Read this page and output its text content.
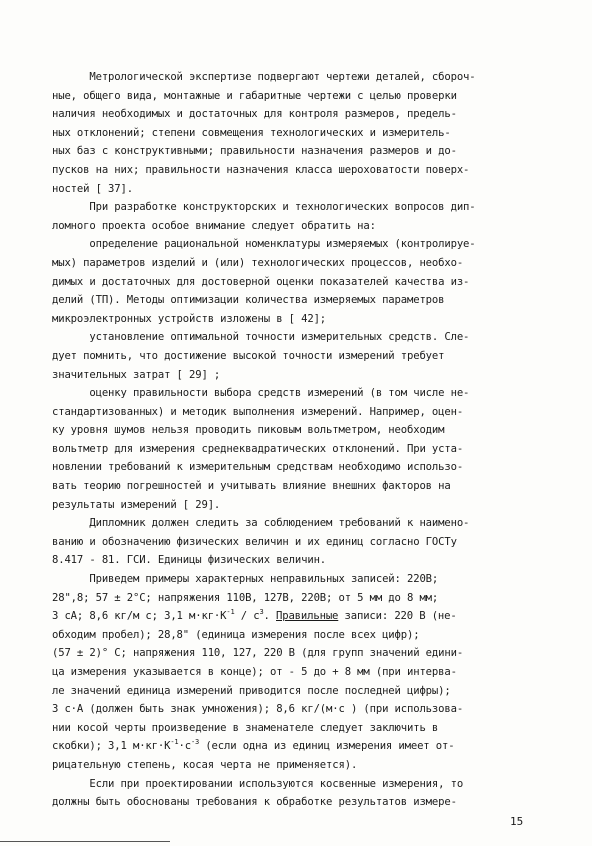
Метрологической экспертизе подвергают чертежи деталей, сбороч-
ные, общего вида, монтажные и габаритные чертежи с целью проверки
наличия необходимых и достаточных для контроля размеров, предель-
ных отклонений; степени совмещения технологических и измеритель-
ных баз с конструктивными; правильности назначения размеров и до-
пусков на них; правильности назначения класса шероховатости поверх-
ностей [ 37].
При разработке конструкторских и технологических вопросов дип-
ломного проекта особое внимание следует обратить на:
определение рациональной номенклатуры измеряемых (контролируе-
мых) параметров изделий и (или) технологических процессов, необхо-
димых и достаточных для достоверной оценки показателей качества из-
делий (ТП). Методы оптимизации количества измеряемых параметров
микроэлектронных устройств изложены в [ 42];
установление оптимальной точности измерительных средств. Сле-
дует помнить, что достижение высокой точности измерений требует
значительных затрат [ 29] ;
оценку правильности выбора средств измерений (в том числе не-
стандартизованных) и методик выполнения измерений. Например, оцен-
ку уровня шумов нельзя проводить пиковым вольтметром, необходим
вольтметр для измерения среднеквадратических отклонений. При уста-
новлении требований к измерительным средствам необходимо использо-
вать теорию погрешностей и учитывать влияние внешних факторов на
результаты измерений [ 29].
Дипломник должен следить за соблюдением требований к наимено-
ванию и обозначению физических величин и их единиц согласно ГОСТу
8.417 - 81. ГСИ. Единицы физических величин.
Приведем примеры характерных неправильных записей: 220В;
28",8; 57 ± 2°С; напряжения 110В, 127В, 220В; от 5 мм до 8 мм;
3 сА; 8,6 кг/м с; 3,1 $м\cdot кг\cdot К^{-1} / с^3$. Правильные записи: 220 В (не-
обходим пробел); 28,8" (единица измерения после всех цифр);
(57 ± 2)° С; напряжения 110, 127, 220 В (для групп значений едини-
ца измерения указывается в конце); от - 5 до + 8 мм (при интерва-
ле значений единица измерений приводится после последней цифры);
3 с·А (должен быть знак умножения); 8,6 кг/(м·с ) (при использова-
нии косой черты произведение в знаменателе следует заключить в
скобки); 3,1 $м\cdot кг\cdot К^{-1}\cdot с^{-3}$ (если одна из единиц измерения имеет от-
рицательную степень, косая черта не применяется).
Если при проектировании используются косвенные измерения, то
должны быть обоснованы требования к обработке результатов измере-
15
